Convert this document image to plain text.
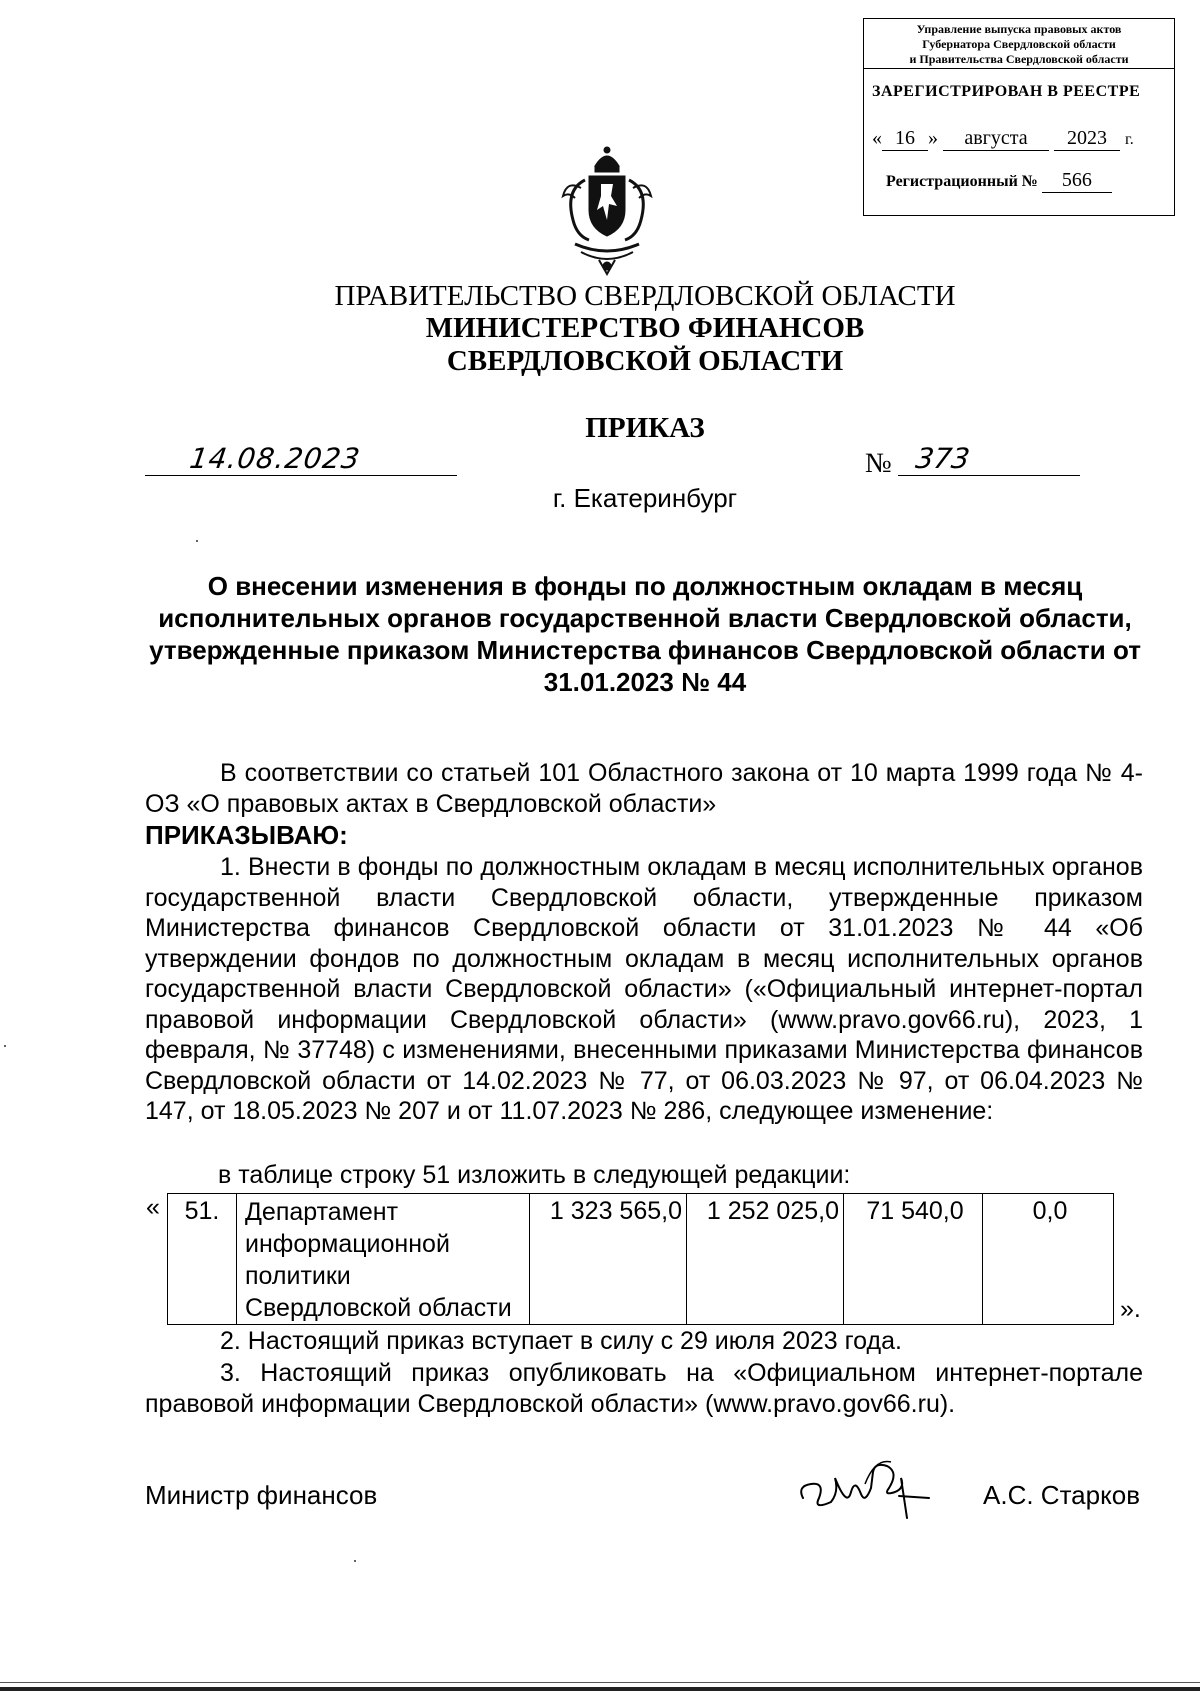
Управление выпуска правовых актов
Губернатора Свердловской области
и Правительства Свердловской области
ЗАРЕГИСТРИРОВАН В РЕЕСТРЕ
« 16 » августа 2023 г.
Регистрационный № 566
ПРАВИТЕЛЬСТВО СВЕРДЛОВСКОЙ ОБЛАСТИ
МИНИСТЕРСТВО ФИНАНСОВ
СВЕРДЛОВСКОЙ ОБЛАСТИ
ПРИКАЗ
14.08.2023	№ 373
г. Екатеринбург
О внесении изменения в фонды по должностным окладам в месяц исполнительных органов государственной власти Свердловской области, утвержденные приказом Министерства финансов Свердловской области от 31.01.2023 № 44
В соответствии со статьей 101 Областного закона от 10 марта 1999 года № 4-ОЗ «О правовых актах в Свердловской области»
ПРИКАЗЫВАЮ:
1. Внести в фонды по должностным окладам в месяц исполнительных органов государственной власти Свердловской области, утвержденные приказом Министерства финансов Свердловской области от 31.01.2023 № 44 «Об утверждении фондов по должностным окладам в месяц исполнительных органов государственной власти Свердловской области» («Официальный интернет-портал правовой информации Свердловской области» (www.pravo.gov66.ru), 2023, 1 февраля, № 37748) с изменениями, внесенными приказами Министерства финансов Свердловской области от 14.02.2023 № 77, от 06.03.2023 № 97, от 06.04.2023 № 147, от 18.05.2023 № 207 и от 11.07.2023 № 286, следующее изменение:
в таблице строку 51 изложить в следующей редакции:
« 51.	Департамент информационной политики Свердловской области	1 323 565,0	1 252 025,0	71 540,0	0,0
».
2. Настоящий приказ вступает в силу с 29 июля 2023 года.
3. Настоящий приказ опубликовать на «Официальном интернет-портале правовой информации Свердловской области» (www.pravo.gov66.ru).
Министр финансов	А.С. Старков
